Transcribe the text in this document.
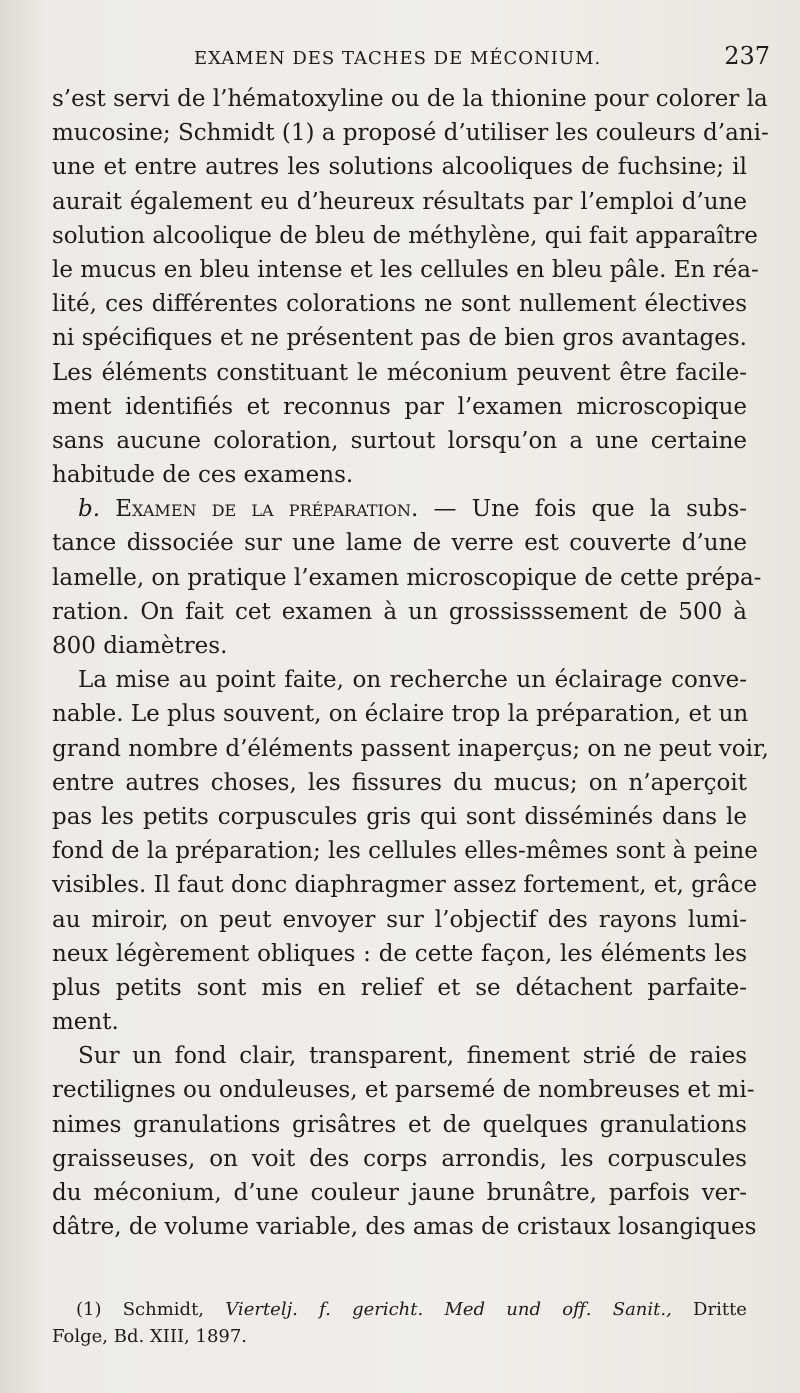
EXAMEN DES TACHES DE MÉCONIUM.	237
s’est servi de l’hématoxyline ou de la thionine pour colorer la
mucosine; Schmidt (1) a proposé d’utiliser les couleurs d’ani-
une et entre autres les solutions alcooliques de fuchsine; il
aurait également eu d’heureux résultats par l’emploi d’une
solution alcoolique de bleu de méthylène, qui fait apparaître
le mucus en bleu intense et les cellules en bleu pâle. En réa-
lité, ces différentes colorations ne sont nullement électives
ni spécifiques et ne présentent pas de bien gros avantages.
Les éléments constituant le méconium peuvent être facile-
ment identifiés et reconnus par l’examen microscopique
sans aucune coloration, surtout lorsqu’on a une certaine
habitude de ces examens.
b. Examen de la préparation. — Une fois que la subs-
tance dissociée sur une lame de verre est couverte d’une
lamelle, on pratique l’examen microscopique de cette prépa-
ration. On fait cet examen à un grossisssement de 500 à
800 diamètres.
La mise au point faite, on recherche un éclairage conve-
nable. Le plus souvent, on éclaire trop la préparation, et un
grand nombre d’éléments passent inaperçus; on ne peut voir,
entre autres choses, les fissures du mucus; on n’aperçoit
pas les petits corpuscules gris qui sont disséminés dans le
fond de la préparation; les cellules elles-mêmes sont à peine
visibles. Il faut donc diaphragmer assez fortement, et, grâce
au miroir, on peut envoyer sur l’objectif des rayons lumi-
neux légèrement obliques : de cette façon, les éléments les
plus petits sont mis en relief et se détachent parfaite-
ment.
Sur un fond clair, transparent, finement strié de raies
rectilignes ou onduleuses, et parsemé de nombreuses et mi-
nimes granulations grisâtres et de quelques granulations
graisseuses, on voit des corps arrondis, les corpuscules
du méconium, d’une couleur jaune brunâtre, parfois ver-
dâtre, de volume variable, des amas de cristaux losangiques
(1) Schmidt, Viertelj. f. gericht. Med und off. Sanit., Dritte
Folge, Bd. XIII, 1897.
